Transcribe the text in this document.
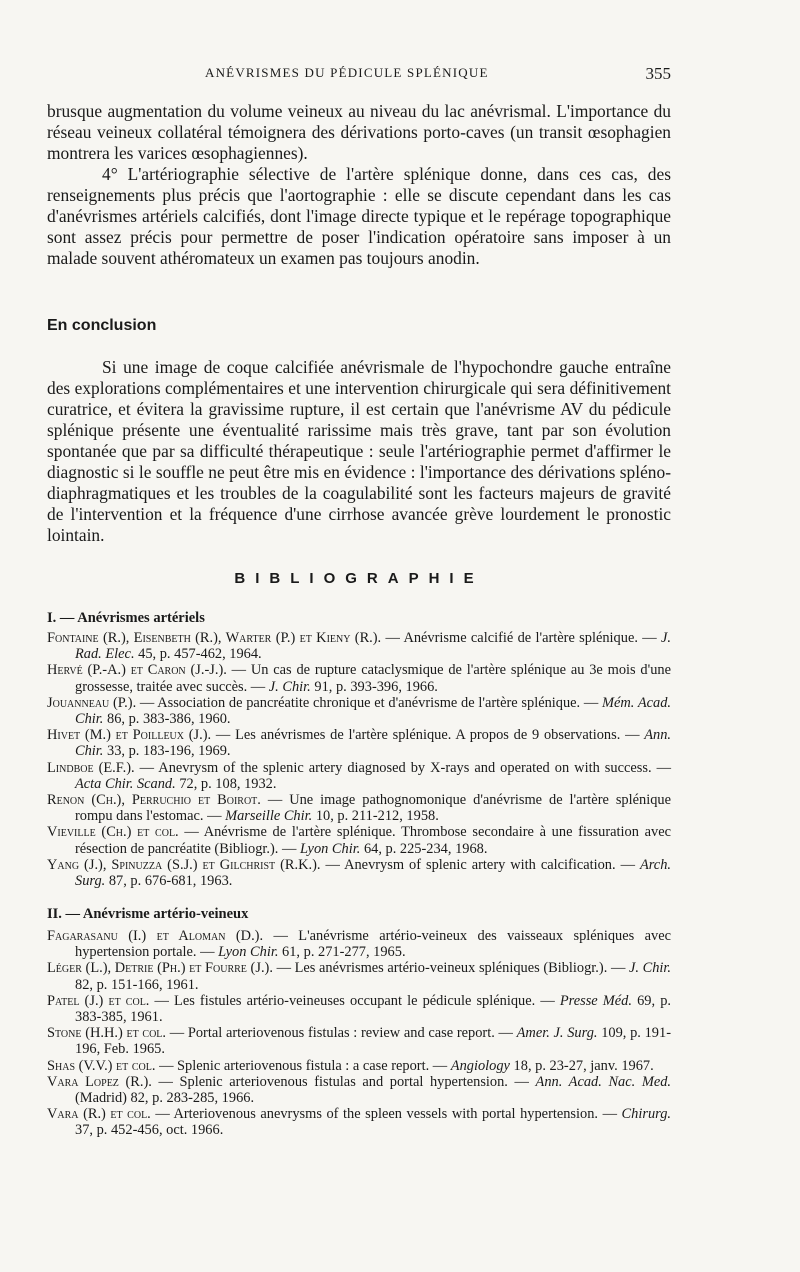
ANÉVRISMES DU PÉDICULE SPLÉNIQUE	355

brusque augmentation du volume veineux au niveau du lac anévrismal. L'importance du réseau veineux collatéral témoignera des dérivations porto-caves (un transit œsophagien montrera les varices œsophagiennes).

4° L'artériographie sélective de l'artère splénique donne, dans ces cas, des renseignements plus précis que l'aortographie : elle se discute cependant dans les cas d'anévrismes artériels calcifiés, dont l'image directe typique et le repérage topographique sont assez précis pour permettre de poser l'indication opératoire sans imposer à un malade souvent athéromateux un examen pas toujours anodin.

En conclusion

Si une image de coque calcifiée anévrismale de l'hypochondre gauche entraîne des explorations complémentaires et une intervention chirurgicale qui sera définitivement curatrice, et évitera la gravissime rupture, il est certain que l'anévrisme AV du pédicule splénique présente une éventualité rarissime mais très grave, tant par son évolution spontanée que par sa difficulté thérapeutique : seule l'artériographie permet d'affirmer le diagnostic si le souffle ne peut être mis en évidence : l'importance des dérivations spléno-diaphragmatiques et les troubles de la coagulabilité sont les facteurs majeurs de gravité de l'intervention et la fréquence d'une cirrhose avancée grève lourdement le pronostic lointain.

BIBLIOGRAPHIE
I. — Anévrismes artériels

Fontaine (R.), Eisenbeth (R.), Warter (P.) et Kieny (R.). — Anévrisme calcifié de l'artère splénique. — J. Rad. Elec. 45, p. 457-462, 1964.

Hervé (P.-A.) et Caron (J.-J.). — Un cas de rupture cataclysmique de l'artère splénique au 3e mois d'une grossesse, traitée avec succès. — J. Chir. 91, p. 393-396, 1966.

Jouanneau (P.). — Association de pancréatite chronique et d'anévrisme de l'artère splénique. — Mém. Acad. Chir. 86, p. 383-386, 1960.

Hivet (M.) et Poilleux (J.). — Les anévrismes de l'artère splénique. A propos de 9 observations. — Ann. Chir. 33, p. 183-196, 1969.

Lindboe (E.F.). — Anevrysm of the splenic artery diagnosed by X-rays and operated on with success. — Acta Chir. Scand. 72, p. 108, 1932.

Renon (Ch.), Perruchio et Boirot. — Une image pathognomonique d'anévrisme de l'artère splénique rompu dans l'estomac. — Marseille Chir. 10, p. 211-212, 1958.

Vieville (Ch.) et col. — Anévrisme de l'artère splénique. Thrombose secondaire à une fissuration avec résection de pancréatite (Bibliogr.). — Lyon Chir. 64, p. 225-234, 1968.

Yang (J.), Spinuzza (S.J.) et Gilchrist (R.K.). — Anevrysm of splenic artery with calcification. — Arch. Surg. 87, p. 676-681, 1963.

II. — Anévrisme artério-veineux

Fagarasanu (I.) et Aloman (D.). — L'anévrisme artério-veineux des vaisseaux spléniques avec hypertension portale. — Lyon Chir. 61, p. 271-277, 1965.

Léger (L.), Detrie (Ph.) et Fourre (J.). — Les anévrismes artério-veineux spléniques (Bibliogr.). — J. Chir. 82, p. 151-166, 1961.

Patel (J.) et col. — Les fistules artério-veineuses occupant le pédicule splénique. — Presse Méd. 69, p. 383-385, 1961.

Stone (H.H.) et col. — Portal arteriovenous fistulas : review and case report. — Amer. J. Surg. 109, p. 191-196, Feb. 1965.

Shas (V.V.) et col. — Splenic arteriovenous fistula : a case report. — Angiology 18, p. 23-27, janv. 1967.

Vara Lopez (R.). — Splenic arteriovenous fistulas and portal hypertension. — Ann. Acad. Nac. Med. (Madrid) 82, p. 283-285, 1966.

Vara (R.) et col. — Arteriovenous anevrysms of the spleen vessels with portal hypertension. — Chirurg. 37, p. 452-456, oct. 1966.
